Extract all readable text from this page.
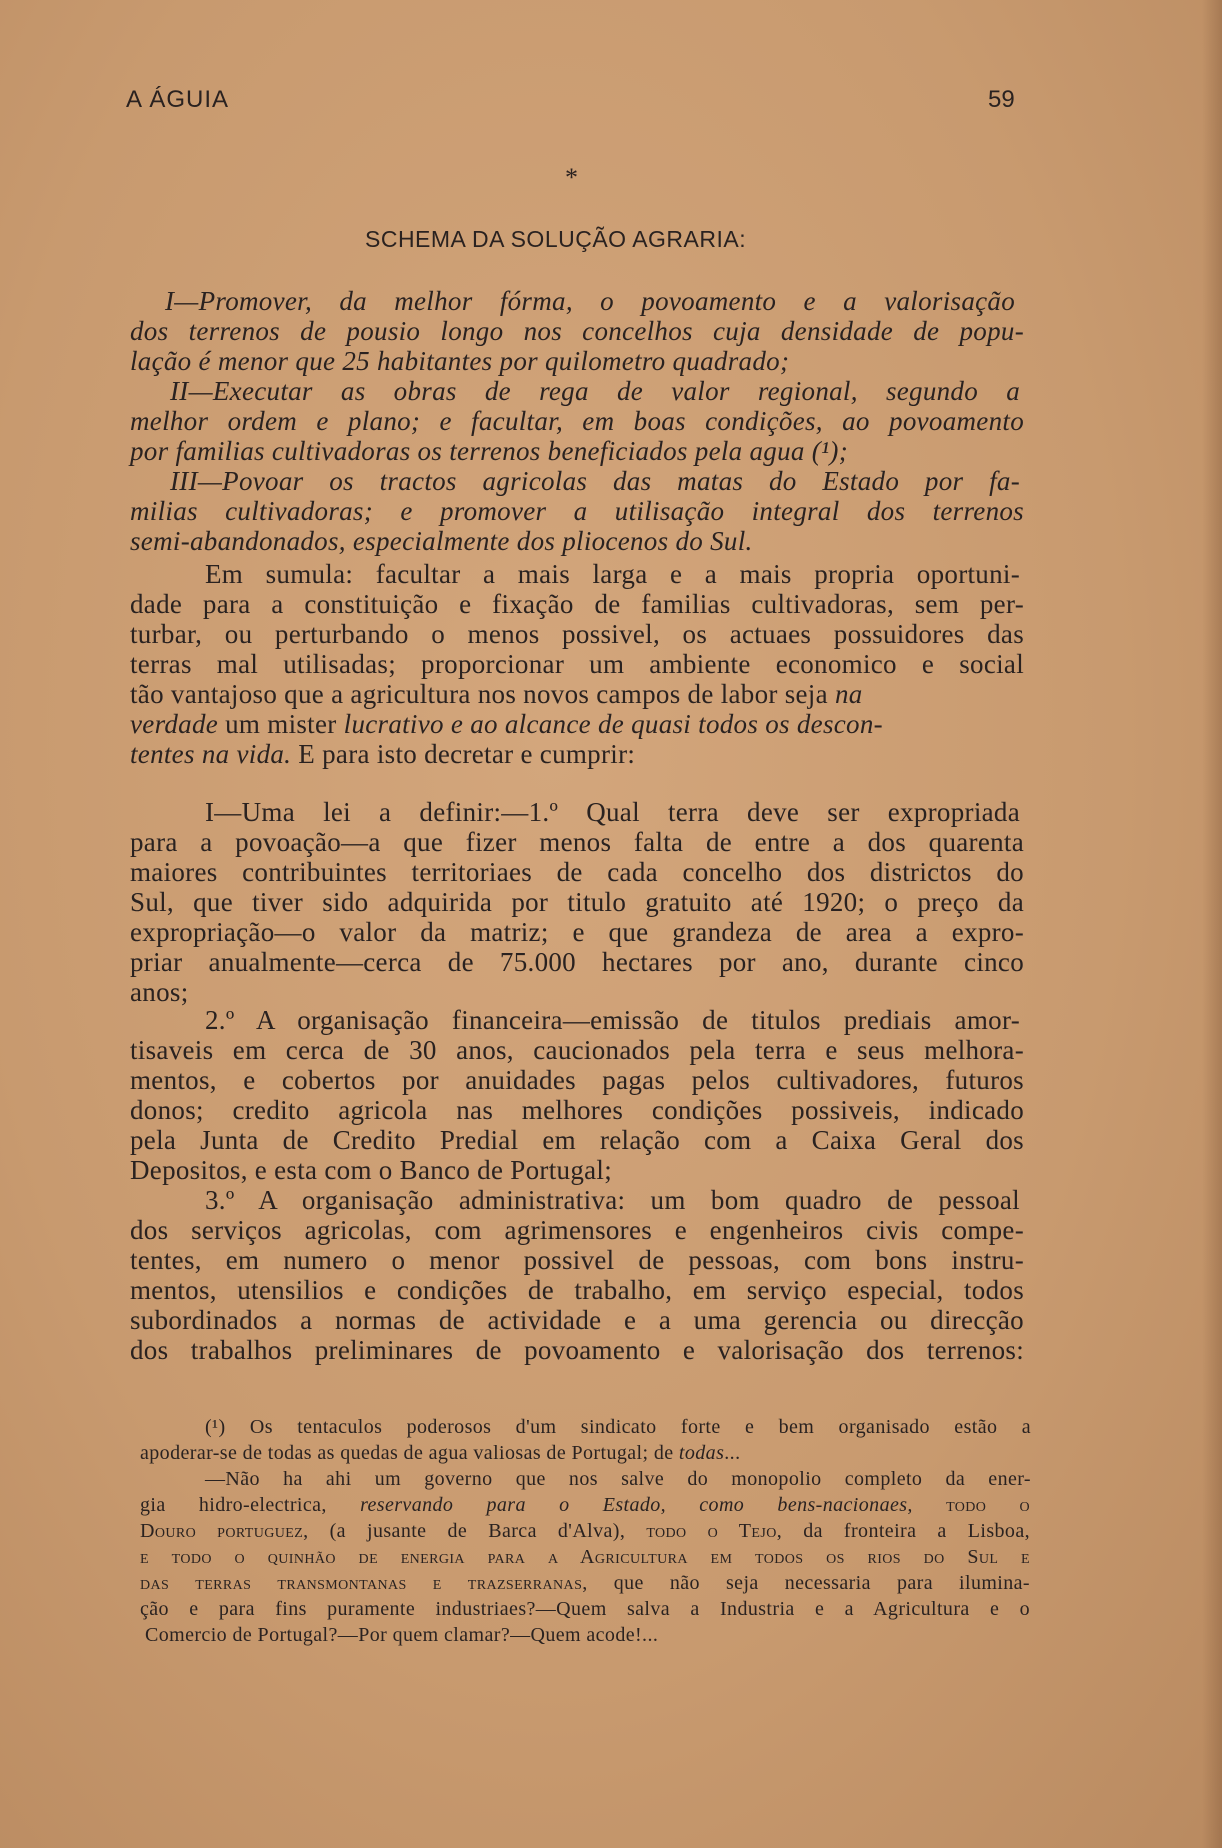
A ÁGUIA	59
*
SCHEMA DA SOLUÇÃO AGRARIA:
I—Promover, da melhor fórma, o povoamento e a valorisação
dos terrenos de pousio longo nos concelhos cuja densidade de popu-
lação é menor que 25 habitantes por quilometro quadrado;
II—Executar as obras de rega de valor regional, segundo a
melhor ordem e plano; e facultar, em boas condições, ao povoamento
por familias cultivadoras os terrenos beneficiados pela agua (¹);
III—Povoar os tractos agricolas das matas do Estado por fa-
milias cultivadoras; e promover a utilisação integral dos terrenos
semi-abandonados, especialmente dos pliocenos do Sul.
Em sumula: facultar a mais larga e a mais propria oportuni-
dade para a constituição e fixação de familias cultivadoras, sem per-
turbar, ou perturbando o menos possivel, os actuaes possuidores das
terras mal utilisadas; proporcionar um ambiente economico e social
tão vantajoso que a agricultura nos novos campos de labor seja na
verdade um mister lucrativo e ao alcance de quasi todos os descon-
tentes na vida. E para isto decretar e cumprir:
I—Uma lei a definir:—1.º Qual terra deve ser expropriada
para a povoação—a que fizer menos falta de entre a dos quarenta
maiores contribuintes territoriaes de cada concelho dos districtos do
Sul, que tiver sido adquirida por titulo gratuito até 1920; o preço da
expropriação—o valor da matriz; e que grandeza de area a expro-
priar anualmente—cerca de 75.000 hectares por ano, durante cinco
anos;
2.º A organisação financeira—emissão de titulos prediais amor-
tisaveis em cerca de 30 anos, caucionados pela terra e seus melhora-
mentos, e cobertos por anuidades pagas pelos cultivadores, futuros
donos; credito agricola nas melhores condições possiveis, indicado
pela Junta de Credito Predial em relação com a Caixa Geral dos
Depositos, e esta com o Banco de Portugal;
3.º A organisação administrativa: um bom quadro de pessoal
dos serviços agricolas, com agrimensores e engenheiros civis compe-
tentes, em numero o menor possivel de pessoas, com bons instru-
mentos, utensilios e condições de trabalho, em serviço especial, todos
subordinados a normas de actividade e a uma gerencia ou direcção
dos trabalhos preliminares de povoamento e valorisação dos terrenos:
(¹) Os tentaculos poderosos d'um sindicato forte e bem organisado estão a
apoderar-se de todas as quedas de agua valiosas de Portugal; de todas...
—Não ha ahi um governo que nos salve do monopolio completo da ener-
gia hidro-electrica, reservando para o Estado, como bens-nacionaes, todo o
Douro portuguez, (a jusante de Barca d'Alva), todo o Tejo, da fronteira a Lisboa,
e todo o quinhão de energia para a Agricultura em todos os rios do Sul e
das terras transmontanas e trazserranas, que não seja necessaria para ilumina-
ção e para fins puramente industriaes?—Quem salva a Industria e a Agricultura e o
Comercio de Portugal?—Por quem clamar?—Quem acode!...
